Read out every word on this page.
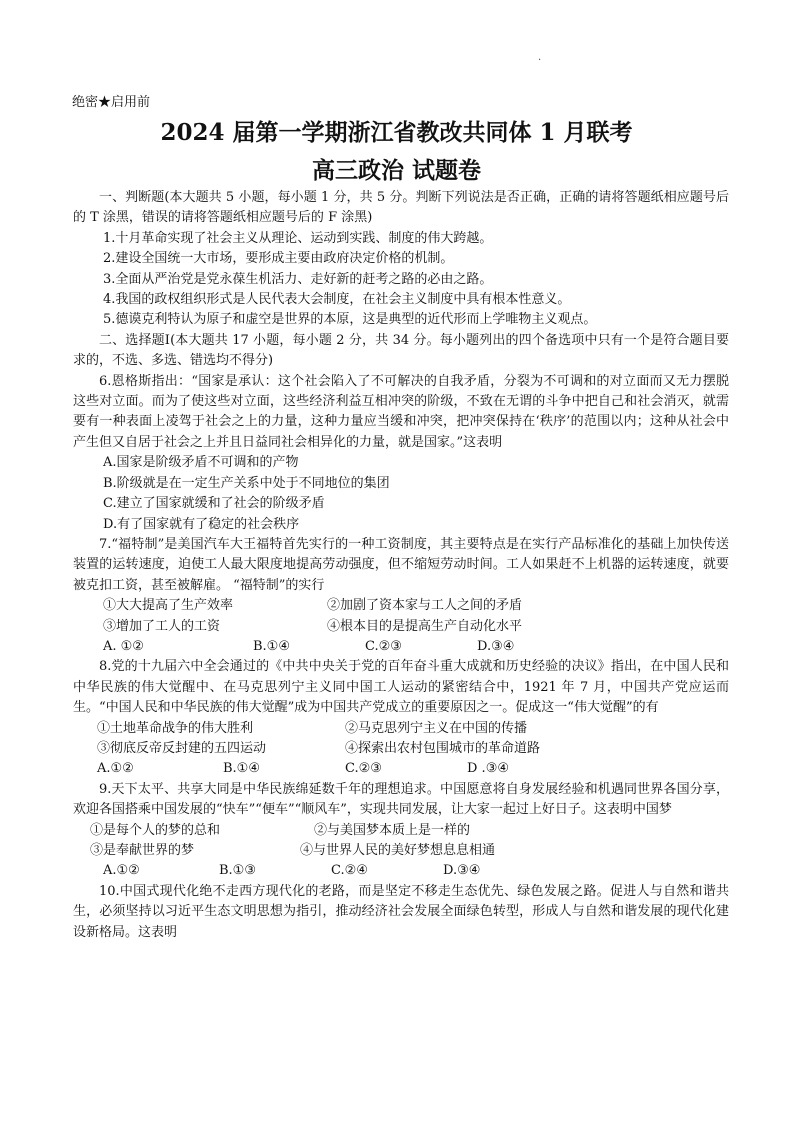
.
绝密★启用前
2024 届第一学期浙江省教改共同体 1 月联考
高三政治 试题卷

一、判断题(本大题共 5 小题，每小题 1 分，共 5 分。判断下列说法是否正确，正确的请将答题纸相应题号后的 T 涂黑，错误的请将答题纸相应题号后的 F 涂黑)

1.十月革命实现了社会主义从理论、运动到实践、制度的伟大跨越。

2.建设全国统一大市场，要形成主要由政府决定价格的机制。

3.全面从严治党是党永葆生机活力、走好新的赶考之路的必由之路。

4.我国的政权组织形式是人民代表大会制度，在社会主义制度中具有根本性意义。

5.德谟克利特认为原子和虚空是世界的本原，这是典型的近代形而上学唯物主义观点。

二、选择题Ⅰ(本大题共 17 小题，每小题 2 分，共 34 分。每小题列出的四个备选项中只有一个是符合题目要求的，不选、多选、错选均不得分)

6.恩格斯指出：“国家是承认：这个社会陷入了不可解决的自我矛盾，分裂为不可调和的对立面而又无力摆脱这些对立面。而为了使这些对立面，这些经济利益互相冲突的阶级，不致在无谓的斗争中把自己和社会消灭，就需要有一种表面上凌驾于社会之上的力量，这种力量应当缓和冲突，把冲突保持在‘秩序’的范围以内；这种从社会中产生但又自居于社会之上并且日益同社会相异化的力量，就是国家。”这表明

A.国家是阶级矛盾不可调和的产物

B.阶级就是在一定生产关系中处于不同地位的集团

C.建立了国家就缓和了社会的阶级矛盾

D.有了国家就有了稳定的社会秩序

7.“福特制”是美国汽车大王福特首先实行的一种工资制度，其主要特点是在实行产品标准化的基础上加快传送装置的运转速度，迫使工人最大限度地提高劳动强度，但不缩短劳动时间。工人如果赶不上机器的运转速度，就要被克扣工资，甚至被解雇。 “福特制”的实行

①大大提高了生产效率	②加剧了资本家与工人之间的矛盾

③增加了工人的工资	④根本目的是提高生产自动化水平

A. ①②	B.①④	C.②③	D.③④

8.党的十九届六中全会通过的《中共中央关于党的百年奋斗重大成就和历史经验的决议》指出，在中国人民和中华民族的伟大觉醒中、在马克思列宁主义同中国工人运动的紧密结合中，1921 年 7 月，中国共产党应运而生。“中国人民和中华民族的伟大觉醒”成为中国共产党成立的重要原因之一。促成这一“伟大觉醒”的有

①土地革命战争的伟大胜利	②马克思列宁主义在中国的传播

③彻底反帝反封建的五四运动	④探索出农村包围城市的革命道路

A.①②	B.①④	C.②③	D .③④

9.天下太平、共享大同是中华民族绵延数千年的理想追求。中国愿意将自身发展经验和机遇同世界各国分享，欢迎各国搭乘中国发展的“快车”“便车”“顺风车”，实现共同发展，让大家一起过上好日子。这表明中国梦

①是每个人的梦的总和	②与美国梦本质上是一样的

③是奉献世界的梦	④与世界人民的美好梦想息息相通

A.①②	B.①③	C.②④	D.③④

10.中国式现代化绝不走西方现代化的老路，而是坚定不移走生态优先、绿色发展之路。促进人与自然和谐共生，必须坚持以习近平生态文明思想为指引，推动经济社会发展全面绿色转型，形成人与自然和谐发展的现代化建设新格局。这表明
